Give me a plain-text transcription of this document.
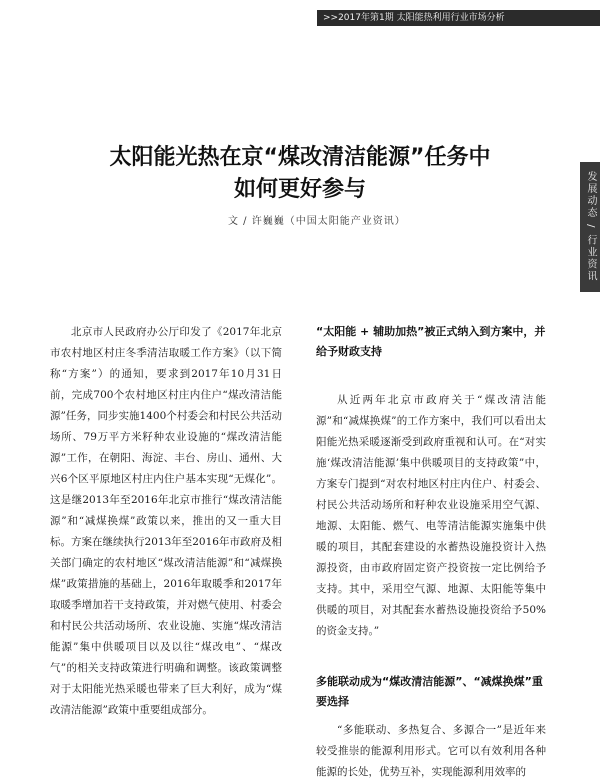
>>2017年第1期 太阳能热利用行业市场分析
发展动态 / 行业资讯
太阳能光热在京“煤改清洁能源”任务中
如何更好参与
文 / 许巍巍（中国太阳能产业资讯）

北京市人民政府办公厅印发了《2017年北京市农村地区村庄冬季清洁取暖工作方案》（以下简称“方案”）的通知，要求到2017年10月31日前，完成700个农村地区村庄内住户“煤改清洁能源”任务，同步实施1400个村委会和村民公共活动场所、79万平方米籽种农业设施的“煤改清洁能源”工作，在朝阳、海淀、丰台、房山、通州、大兴6个区平原地区村庄内住户基本实现“无煤化”。这是继2013年至2016年北京市推行“煤改清洁能源”和“减煤换煤”政策以来，推出的又一重大目标。方案在继续执行2013年至2016年市政府及相关部门确定的农村地区“煤改清洁能源”和“减煤换煤”政策措施的基础上，2016年取暖季和2017年取暖季增加若干支持政策，并对燃气使用、村委会和村民公共活动场所、农业设施、实施“煤改清洁能源”集中供暖项目以及以往“煤改电”、“煤改气”的相关支持政策进行明确和调整。该政策调整对于太阳能光热采暖也带来了巨大利好，成为“煤改清洁能源”政策中重要组成部分。

“太阳能 + 辅助加热”被正式纳入到方案中，并给予财政支持

从近两年北京市政府关于“煤改清洁能源”和“减煤换煤”的工作方案中，我们可以看出太阳能光热采暖逐渐受到政府重视和认可。在“对实施‘煤改清洁能源’集中供暖项目的支持政策”中，方案专门提到“对农村地区村庄内住户、村委会、村民公共活动场所和籽种农业设施采用空气源、地源、太阳能、燃气、电等清洁能源实施集中供暖的项目，其配套建设的水蓄热设施投资计入热源投资，由市政府固定资产投资按一定比例给予支持。其中，采用空气源、地源、太阳能等集中供暖的项目，对其配套水蓄热设施投资给予50%的资金支持。”

多能联动成为“煤改清洁能源”、“减煤换煤”重要选择

“多能联动、多热复合、多源合一”是近年来较受推崇的能源利用形式。它可以有效利用各种能源的长处，优势互补，实现能源利用效率的
